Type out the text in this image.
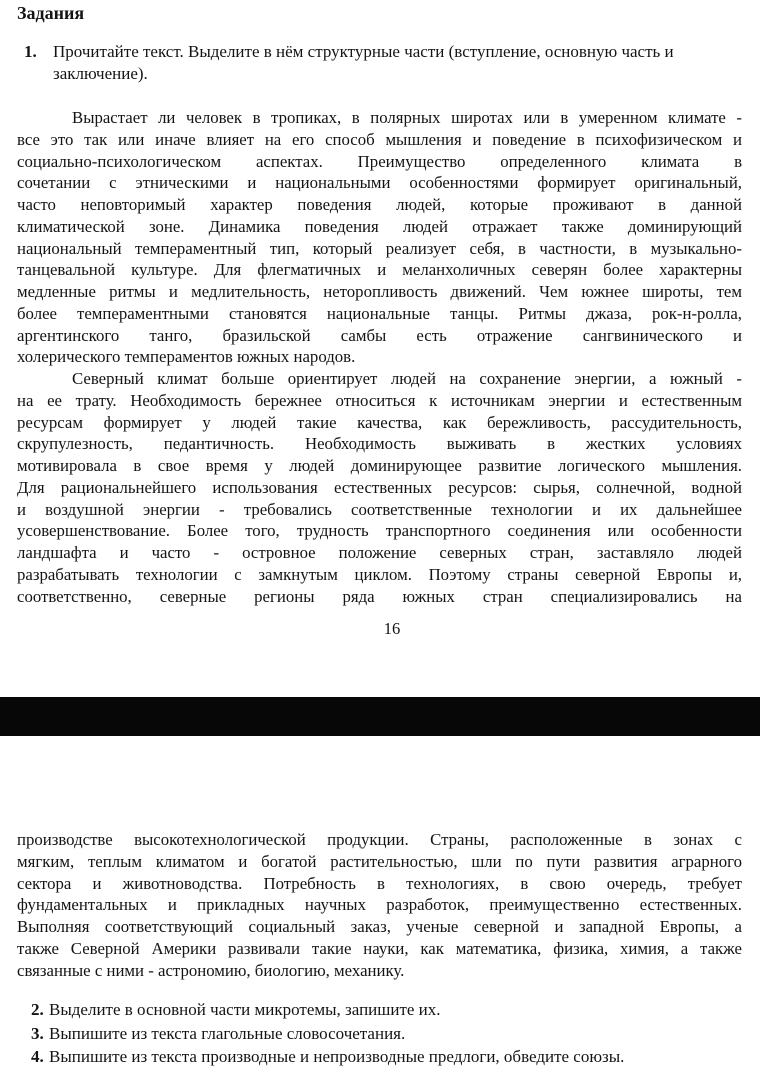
Задания
1. Прочитайте текст. Выделите в нём структурные части (вступление, основную часть и
заключение).
Вырастает ли человек в тропиках, в полярных широтах или в умеренном климате -
все это так или иначе влияет на его способ мышления и поведение в психофизическом и
социально-психологическом аспектах. Преимущество определенного климата в
сочетании с этническими и национальными особенностями формирует оригинальный,
часто неповторимый характер поведения людей, которые проживают в данной
климатической зоне. Динамика поведения людей отражает также доминирующий
национальный темпераментный тип, который реализует себя, в частности, в музыкально-
танцевальной культуре. Для флегматичных и меланхоличных северян более характерны
медленные ритмы и медлительность, неторопливость движений. Чем южнее широты, тем
более темпераментными становятся национальные танцы. Ритмы джаза, рок-н-ролла,
аргентинского танго, бразильской самбы есть отражение сангвинического и
холерического темпераментов южных народов.
Северный климат больше ориентирует людей на сохранение энергии, а южный -
на ее трату. Необходимость бережнее относиться к источникам энергии и естественным
ресурсам формирует у людей такие качества, как бережливость, рассудительность,
скрупулезность, педантичность. Необходимость выживать в жестких условиях
мотивировала в свое время у людей доминирующее развитие логического мышления.
Для рациональнейшего использования естественных ресурсов: сырья, солнечной, водной
и воздушной энергии - требовались соответственные технологии и их дальнейшее
усовершенствование. Более того, трудность транспортного соединения или особенности
ландшафта и часто - островное положение северных стран, заставляло людей
разрабатывать технологии с замкнутым циклом. Поэтому страны северной Европы и,
соответственно, северные регионы ряда южных стран специализировались на
16
производстве высокотехнологической продукции. Страны, расположенные в зонах с
мягким, теплым климатом и богатой растительностью, шли по пути развития аграрного
сектора и животноводства. Потребность в технологиях, в свою очередь, требует
фундаментальных и прикладных научных разработок, преимущественно естественных.
Выполняя соответствующий социальный заказ, ученые северной и западной Европы, а
также Северной Америки развивали такие науки, как математика, физика, химия, а также
связанные с ними - астрономию, биологию, механику.
2. Выделите в основной части микротемы, запишите их.
3. Выпишите из текста глагольные словосочетания.
4. Выпишите из текста производные и непроизводные предлоги, обведите союзы.
